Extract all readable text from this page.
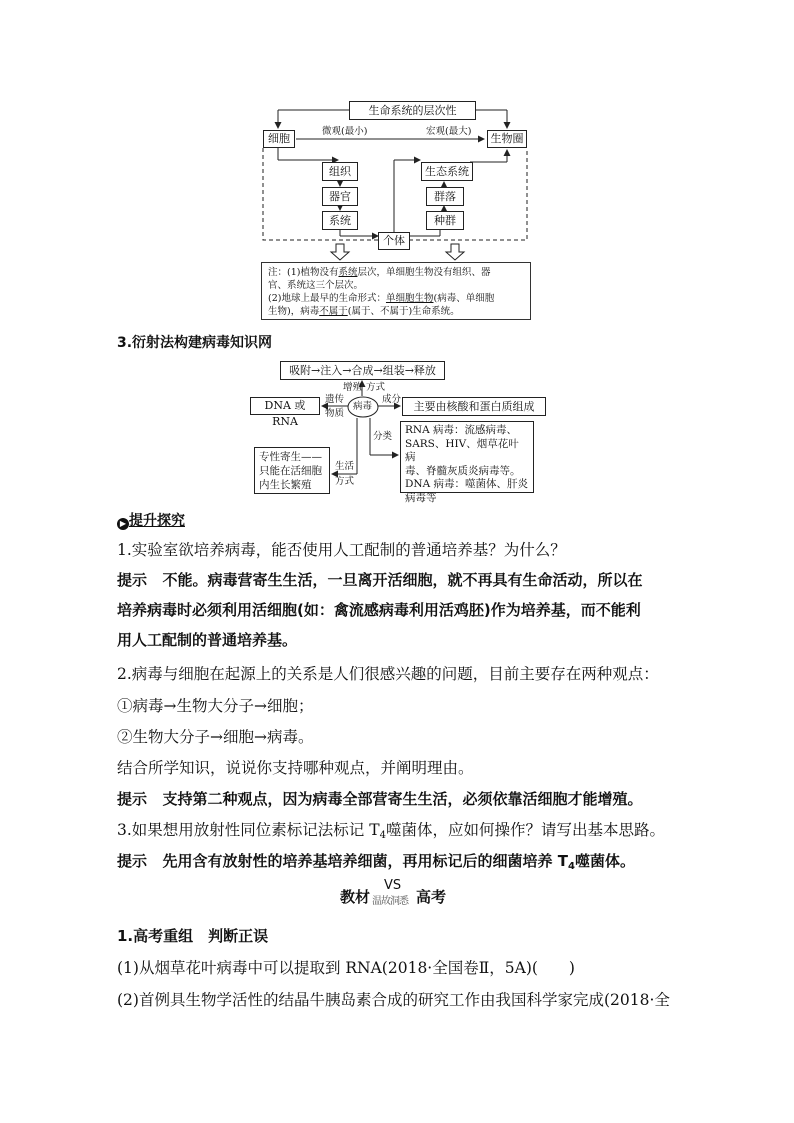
生命系统的层次性
细胞	生物圈
微观(最小)	宏观(最大)
组织
器官
系统
生态系统
群落
种群
个体
注：(1)植物没有系统层次，单细胞生物没有组织、器
官、系统这三个层次。
(2)地球上最早的生命形式：单细胞生物(病毒、单细胞
生物)，病毒不属于(属于、不属于)生命系统。
3.衍射法构建病毒知识网
吸附→注入→合成→组装→释放
增殖 方式
DNA 或 RNA
遗传
物质
病毒
成分
主要由核酸和蛋白质组成
分类
RNA 病毒：流感病毒、
SARS、HIV、烟草花叶病
毒、脊髓灰质炎病毒等。
DNA 病毒：噬菌体、肝炎
病毒等
生活
方式
专性寄生——
只能在活细胞
内生长繁殖
▶ 提升探究
1.实验室欲培养病毒，能否使用人工配制的普通培养基？为什么？
提示　 不能。病毒营寄生生活，一旦离开活细胞，就不再具有生命活动，所以在
培养病毒时必须利用活细胞(如：禽流感病毒利用活鸡胚)作为培养基，而不能利
用人工配制的普通培养基。
2.病毒与细胞在起源上的关系是人们很感兴趣的问题，目前主要存在两种观点：
①病毒→生物大分子→细胞；
②生物大分子→细胞→病毒。
结合所学知识，说说你支持哪种观点，并阐明理由。
提示　 支持第二种观点，因为病毒全部营寄生生活，必须依靠活细胞才能增殖。
3.如果想用放射性同位素标记法标记 $T_4$噬菌体，应如何操作？请写出基本思路。
提示　 先用含有放射性的培养基培养细菌，再用标记后的细菌培养 $T_4$噬菌体。
教材
VS
温故洞悉 高考
1.高考重组　判断正误
(1)从烟草花叶病毒中可以提取到 RNA(2018·全国卷Ⅱ，5A)(　　)
(2)首例具生物学活性的结晶牛胰岛素合成的研究工作由我国科学家完成(2018·全
